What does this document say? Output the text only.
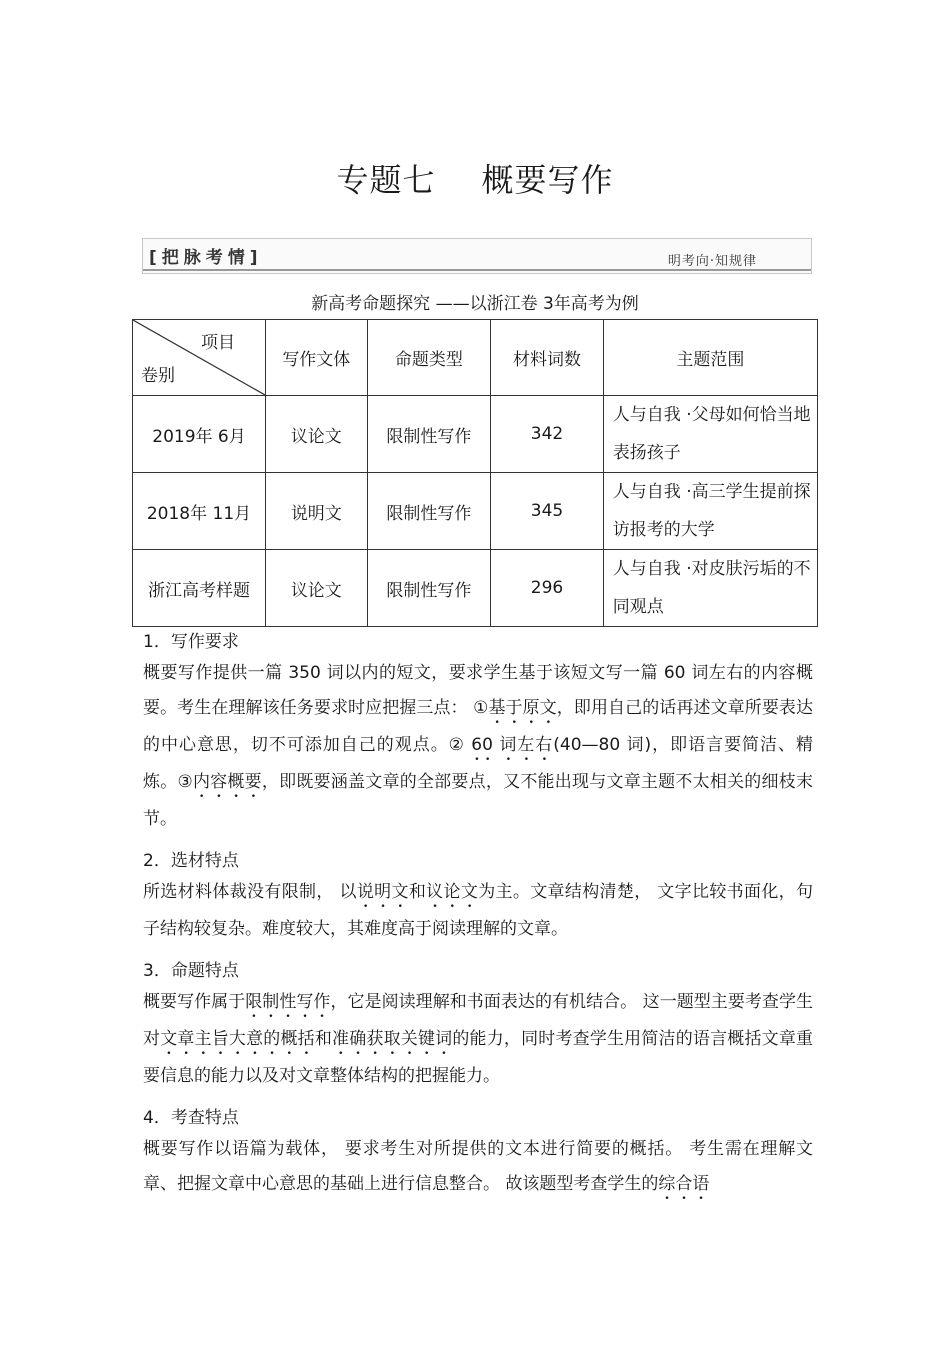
专题七 概要写作
[把脉考情]	明考向·知规律
新高考命题探究 ——以浙江卷 3年高考为例
项目
卷别	写作文体	命题类型	材料词数	主题范围
2019年 6月	议论文	限制性写作	342	人与自我 ·父母如何恰当地表扬孩子
2018年 11月	说明文	限制性写作	345	人与自我 ·高三学生提前探访报考的大学
浙江高考样题	议论文	限制性写作	296	人与自我 ·对皮肤污垢的不同观点
1．写作要求
概要写作提供一篇 350 词以内的短文，要求学生基于该短文写一篇 60 词左右的内容概要。考生在理解该任务要求时应把握三点： ①基于原文，即用自己的话再述文章所要表达的中心意思，切不可添加自己的观点。② 60 词左右(40—80 词)，即语言要简洁、精炼。③内容概要，即既要涵盖文章的全部要点，又不能出现与文章主题不太相关的细枝末节。
2．选材特点
所选材料体裁没有限制， 以说明文和议论文为主。文章结构清楚， 文字比较书面化，句子结构较复杂。难度较大，其难度高于阅读理解的文章。
3．命题特点
概要写作属于限制性写作，它是阅读理解和书面表达的有机结合。 这一题型主要考查学生对文章主旨大意的概括和准确获取关键词的能力，同时考查学生用简洁的语言概括文章重要信息的能力以及对文章整体结构的把握能力。
4．考查特点
概要写作以语篇为载体， 要求考生对所提供的文本进行简要的概括。 考生需在理解文章、把握文章中心意思的基础上进行信息整合。 故该题型考查学生的综合语
